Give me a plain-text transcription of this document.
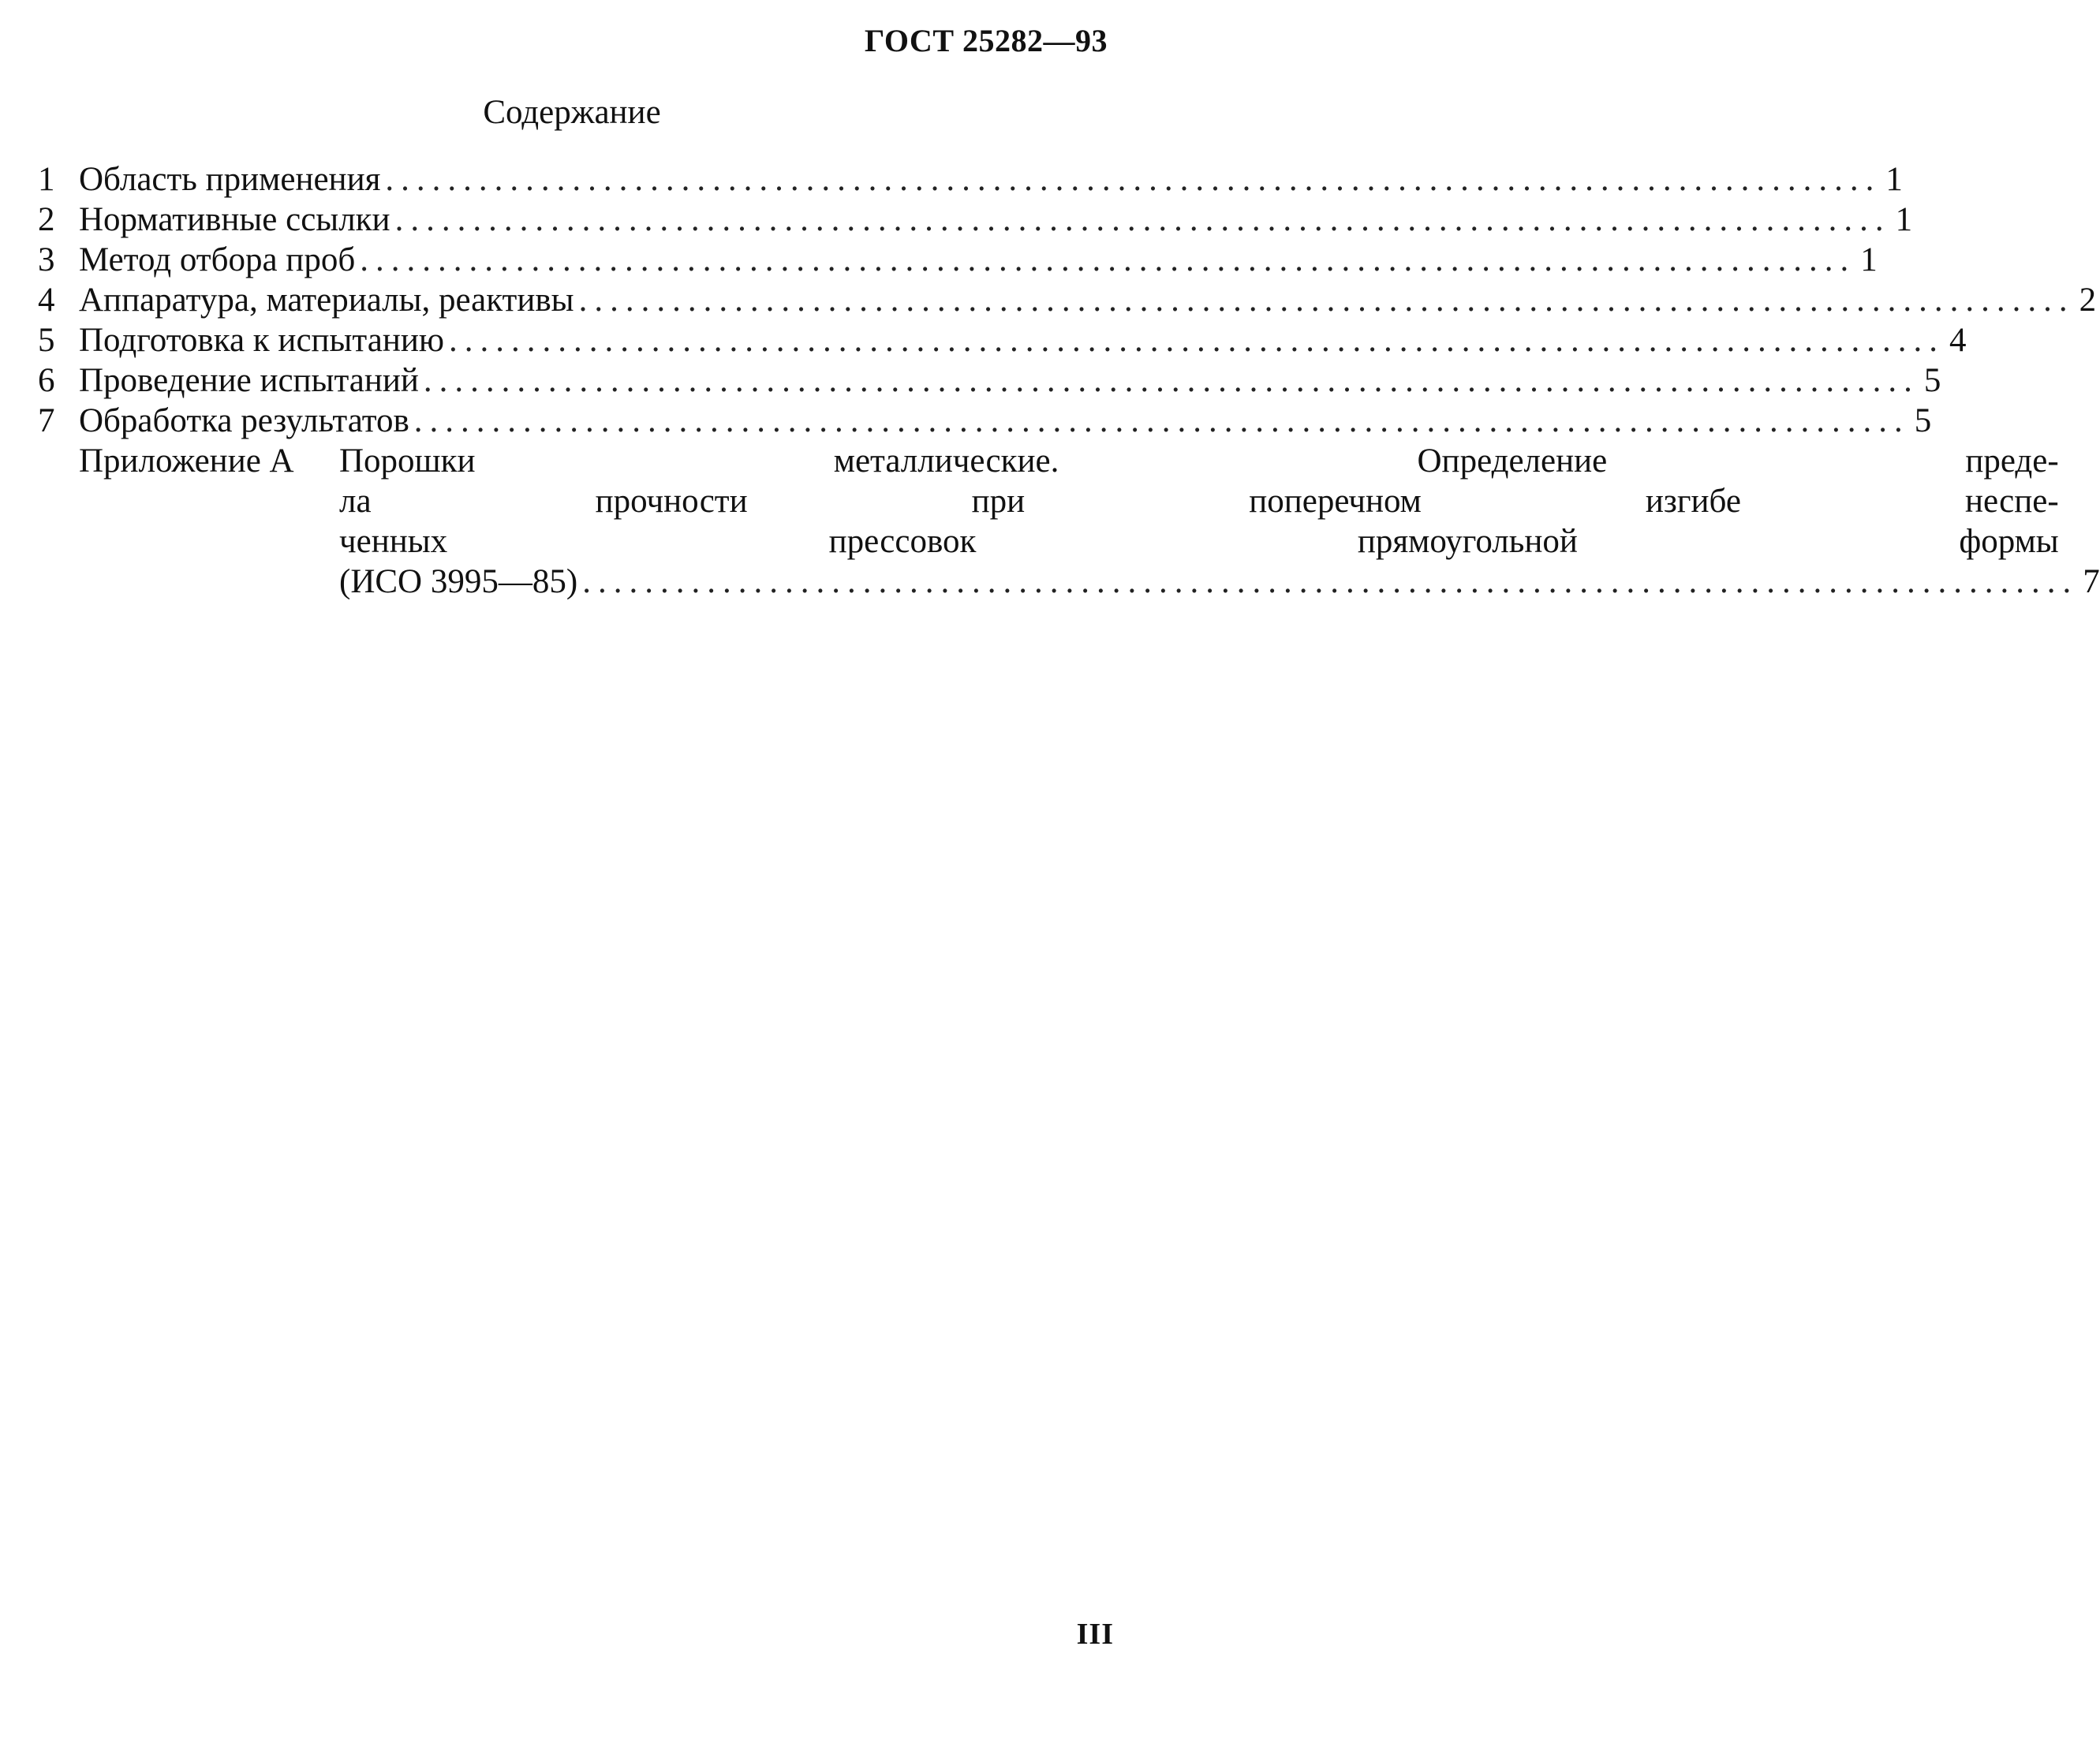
ГОСТ 25282—93
Содержание
1 Область применения ................................................................................................ 1
2 Нормативные ссылки ................................................................................................ 1
3 Метод отбора проб ................................................................................................ 1
4 Аппаратура, материалы, реактивы ................................................................................................ 2
5 Подготовка к испытанию ................................................................................................ 4
6 Проведение испытаний ................................................................................................ 5
7 Обработка результатов ................................................................................................ 5
Приложение А	Порошки металлические. Определение преде-
ла прочности при поперечном изгибе неспе-
ченных прессовок прямоугольной формы
(ИСО 3995—85) ................................................................................................ 7
III
